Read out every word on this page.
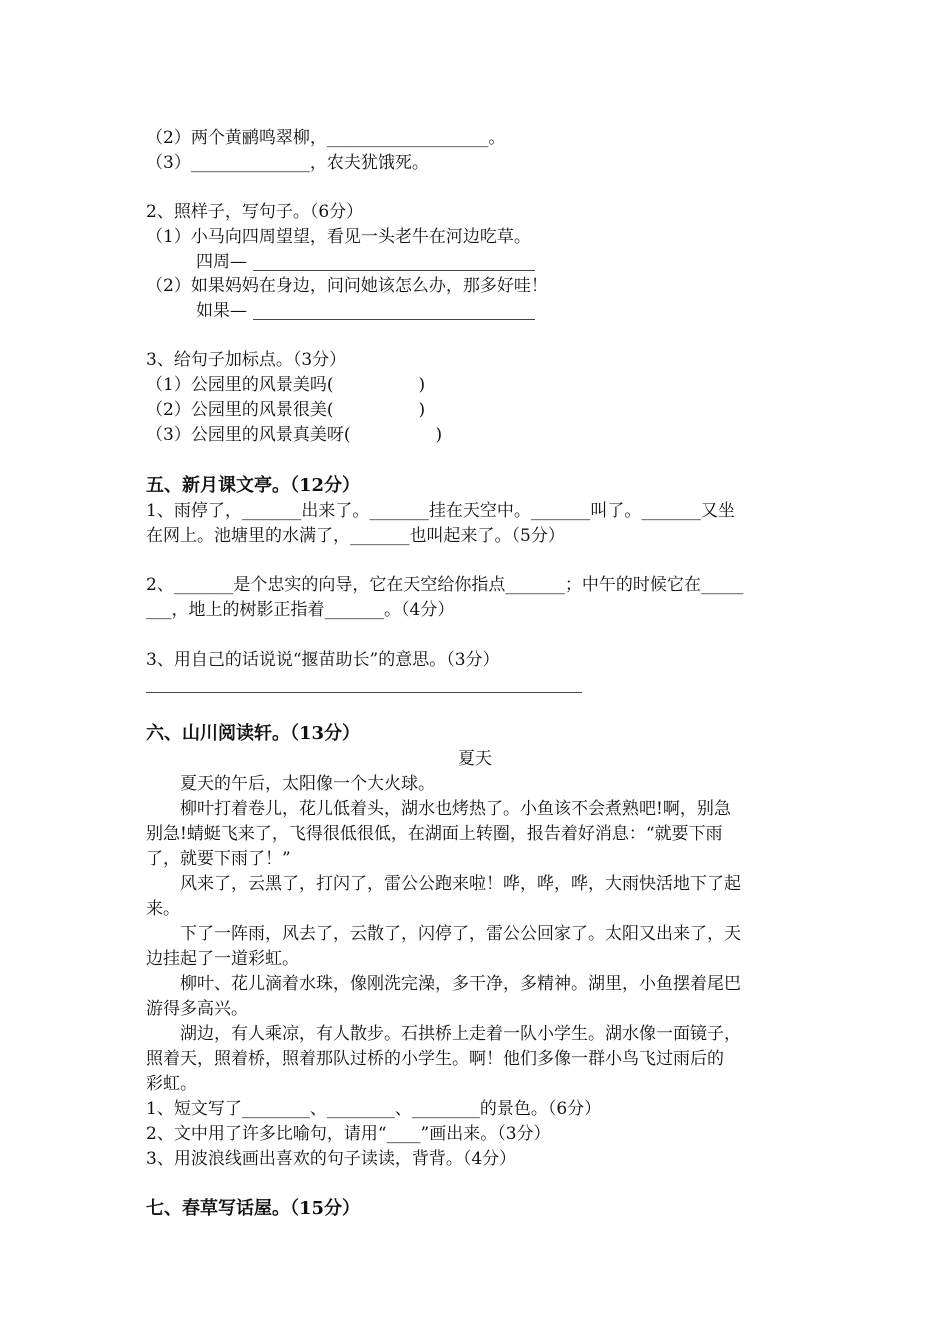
（2）两个黄鹂鸣翠柳，___________________。
（3）______________，农夫犹饿死。
2、照样子，写句子。（6分）
（1）小马向四周望望，看见一头老牛在河边吃草。
四周—
（2）如果妈妈在身边，问问她该怎么办，那多好哇！
如果—
3、给句子加标点。（3分）
（1）公园里的风景美吗(　　　　　)
（2）公园里的风景很美(　　　　　)
（3）公园里的风景真美呀(　　　　　)
五、新月课文亭。（12分）
1、雨停了，_______出来了。_______挂在天空中。_______叫了。_______又坐
在网上。池塘里的水满了，_______也叫起来了。（5分）
2、_______是个忠实的向导，它在天空给你指点_______；中午的时候它在_____
___，地上的树影正指着_______。（4分）
3、用自己的话说说“揠苗助长”的意思。（3分）
六、山川阅读轩。（13分）
夏天
　　夏天的午后，太阳像一个大火球。
　　柳叶打着卷儿，花儿低着头，湖水也烤热了。小鱼该不会煮熟吧!啊，别急
别急!蜻蜓飞来了，飞得很低很低，在湖面上转圈，报告着好消息：“就要下雨
了，就要下雨了！”
　　风来了，云黑了，打闪了，雷公公跑来啦！哗，哗，哗，大雨快活地下了起
来。
　　下了一阵雨，风去了，云散了，闪停了，雷公公回家了。太阳又出来了，天
边挂起了一道彩虹。
　　柳叶、花儿滴着水珠，像刚洗完澡，多干净，多精神。湖里，小鱼摆着尾巴
游得多高兴。
　　湖边，有人乘凉，有人散步。石拱桥上走着一队小学生。湖水像一面镜子，
照着天，照着桥，照着那队过桥的小学生。啊！他们多像一群小鸟飞过雨后的
彩虹。
1、短文写了________、________、________的景色。（6分）
2、文中用了许多比喻句，请用“____”画出来。（3分）
3、用波浪线画出喜欢的句子读读，背背。（4分）
七、春草写话屋。（15分）
